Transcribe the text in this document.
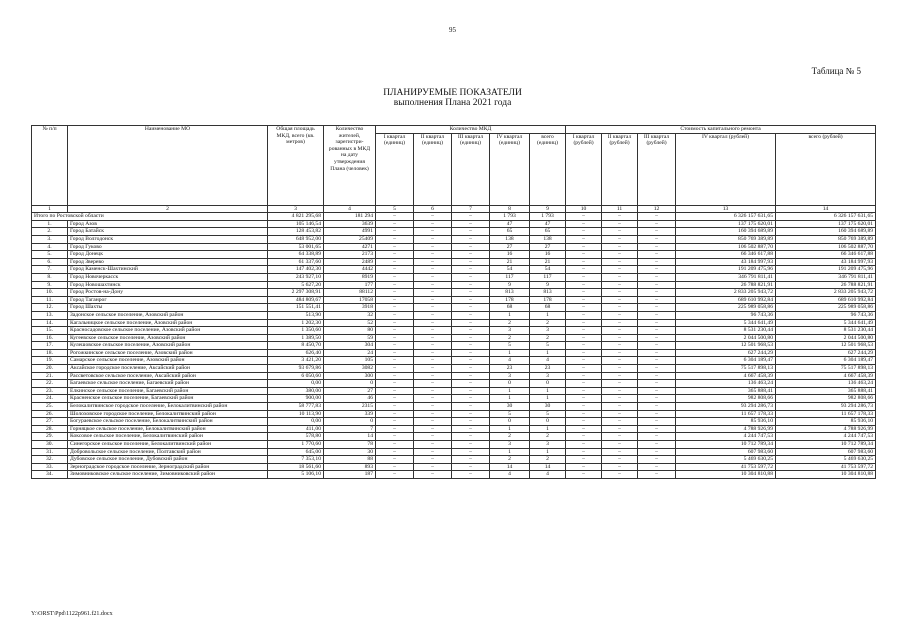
95
Таблица № 5
ПЛАНИРУЕМЫЕ ПОКАЗАТЕЛИ
выполнения Плана 2021 года
№ п/п	Наименование МО	Общая площадь МКД, всего (кв. метров)	Количество жителей, зарегистри-рованных в МКД на дату утверждения Плана (человек)	Количество МКД					Стоимость капитального ремонта				
				I квартал (единиц)	II квартал (единиц)	III квартал (единиц)	IV квартал (единиц)	всего (единиц)	I квартал (рублей)	II квартал (рублей)	III квартал (рублей)	IV квартал (рублей)	всего (рублей)
1	2	3	4	5	6	7	8	9	10	11	12	13	14
Итого по Ростовской области		4 821 295,68	181 294	–	–	–	1 793	1 793	–	–	–	6 326 157 631,65	6 326 157 631,65
1.	Город Азов	105 146,54	3639	–	–	–	47	47	–	–	–	137 175 620,01	137 175 620,01
2.	Город Батайск	128 453,82	4991	–	–	–	65	65	–	–	–	160 394 689,89	160 394 689,89
3.	Город Волгодонск	648 952,00	25409	–	–	–	138	138	–	–	–	850 769 389,89	850 769 389,89
4.	Город Гуково	53 001,65	4271	–	–	–	27	27	–	–	–	106 502 887,70	106 502 887,70
5.	Город Донецк	64 338,89	2173	–	–	–	16	16	–	–	–	66 346 617,88	66 346 617,88
6.	Город Зверево	61 337,60	2489	–	–	–	21	21	–	–	–	43 184 997,93	43 184 997,93
7.	Город Каменск-Шахтинский	147 402,30	4442	–	–	–	54	54	–	–	–	191 209 475,96	191 209 475,96
8.	Город Новочеркасск	243 927,10	8919	–	–	–	117	117	–	–	–	346 791 811,41	346 791 811,41
9.	Город Новошахтинск	5 627,20	177	–	–	–	9	9	–	–	–	26 788 821,91	26 788 821,91
10.	Город Ростов-на-Дону	2 297 308,91	88112	–	–	–	813	813	–	–	–	2 833 205 943,72	2 833 205 943,72
11.	Город Таганрог	484 809,67	17058	–	–	–	178	178	–	–	–	689 610 992,84	689 610 992,84
12.	Город Шахты	151 551,41	3918	–	–	–	68	68	–	–	–	225 989 058,86	225 989 058,86
13.	Задонское сельское поселение, Азовский район	513,90	32	–	–	–	1	1	–	–	–	96 743,36	96 743,36
14.	Кагальницкое сельское поселение, Азовский район	1 202,30	52	–	–	–	2	2	–	–	–	5 344 641,49	5 344 641,49
15.	Красносадовское сельское поселение, Азовский район	1 350,60	80	–	–	–	3	3	–	–	–	8 531 230,44	8 531 230,44
16.	Кугеевское сельское поселение, Азовский район	1 389,50	59	–	–	–	2	2	–	–	–	2 044 500,80	2 044 500,80
17.	Кулешовское сельское поселение, Азовский район	8 450,70	304	–	–	–	5	5	–	–	–	12 501 968,53	12 501 968,53
18.	Рогожкинское сельское поселение, Азовский район	626,40	24	–	–	–	1	1	–	–	–	627 244,29	627 244,29
19.	Самарское сельское поселение, Азовский район	3 421,20	105	–	–	–	4	4	–	–	–	6 304 189,47	6 304 189,47
20.	Аксайское городское поселение, Аксайский район	93 679,86	3082	–	–	–	23	23	–	–	–	75 517 898,13	75 517 898,13
21.	Рассветовское сельское поселение, Аксайский район	6 050,60	300	–	–	–	3	3	–	–	–	4 667 458,39	4 667 458,39
22.	Багаевское сельское поселение, Багаевский район	0,00	0	–	–	–	0	0	–	–	–	136 463,24	136 463,24
23.	Елкинское сельское поселение, Багаевский район	380,00	27	–	–	–	1	1	–	–	–	365 888,41	365 888,41
24.	Красненское сельское поселение, Багаевский район	900,00	46	–	–	–	1	1	–	–	–	982 808,66	982 808,66
25.	Белокалитвинское городское поселение, Белокалитвинский район	58 777,83	2315	–	–	–	30	30	–	–	–	93 294 286,73	93 294 286,73
26.	Шолоховское городское поселение, Белокалитвинский район	10 113,90	339	–	–	–	5	5	–	–	–	11 657 178,33	11 657 178,33
27.	Богураевское сельское поселение, Белокалитвинский район	0,00	0	–	–	–	0	0	–	–	–	85 936,10	85 936,10
28.	Горняцкое сельское поселение, Белокалитвинский район	411,00	7	–	–	–	1	1	–	–	–	4 788 926,99	4 788 926,99
29.	Коксовое сельское поселение, Белокалитвинский район	578,80	14	–	–	–	2	2	–	–	–	4 244 747,53	4 244 747,53
30.	Синегорское сельское поселение, Белокалитвинский район	1 770,60	78	–	–	–	3	3	–	–	–	10 712 789,34	10 712 789,34
31.	Добровольское сельское поселение, Полтавский район	645,00	30	–	–	–	1	1	–	–	–	607 983,60	607 983,60
32.	Дубовское сельское поселение, Дубовский район	7 353,10	88	–	–	–	2	2	–	–	–	5 469 630,25	5 469 630,25
33.	Зерноградское городское поселение, Зерноградский район	18 561,60	893	–	–	–	14	14	–	–	–	41 753 597,72	41 753 597,72
34.	Зимовниковское сельское поселение, Зимовниковский район	5 106,10	187	–	–	–	4	4	–	–	–	10 304 810,88	10 304 810,88
Y:\ORST\Ppd\1122p961.f21.docx
